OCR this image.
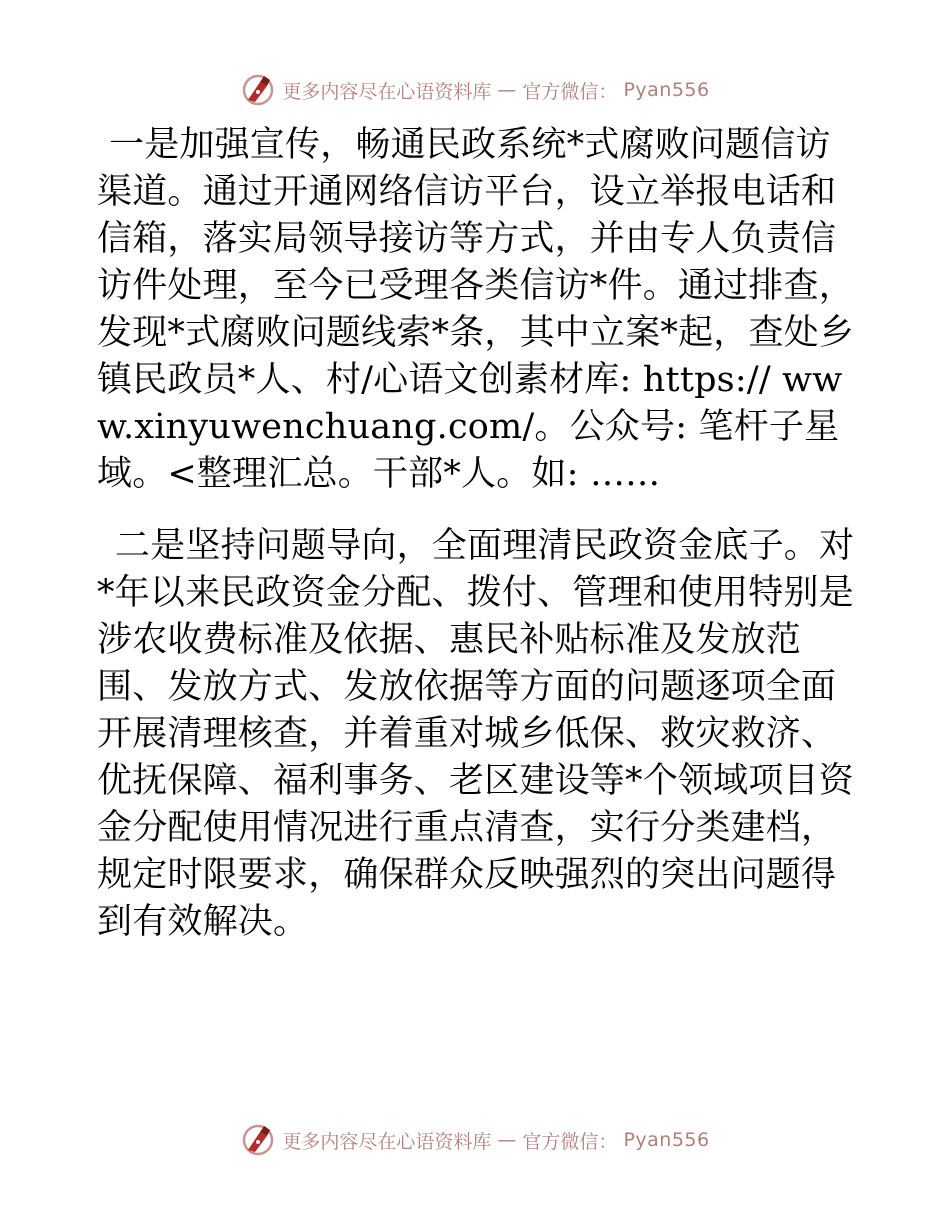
更多内容尽在心语资料库 — 官方微信： Pyan556

一是加强宣传，畅通民政系统*式腐败问题信访渠道。通过开通网络信访平台，设立举报电话和信箱，落实局领导接访等方式，并由专人负责信访件处理，至今已受理各类信访*件。通过排查，发现*式腐败问题线索*条，其中立案*起，查处乡镇民政员*人、村/心语文创素材库: https:// www.xinyuwenchuang.com/。公众号: 笔杆子星域。<整理汇总。干部*人。如: ……

二是坚持问题导向，全面理清民政资金底子。对*年以来民政资金分配、拨付、管理和使用特别是涉农收费标准及依据、惠民补贴标准及发放范围、发放方式、发放依据等方面的问题逐项全面开展清理核查，并着重对城乡低保、救灾救济、优抚保障、福利事务、老区建设等*个领域项目资金分配使用情况进行重点清查，实行分类建档，规定时限要求，确保群众反映强烈的突出问题得到有效解决。

更多内容尽在心语资料库 — 官方微信： Pyan556
